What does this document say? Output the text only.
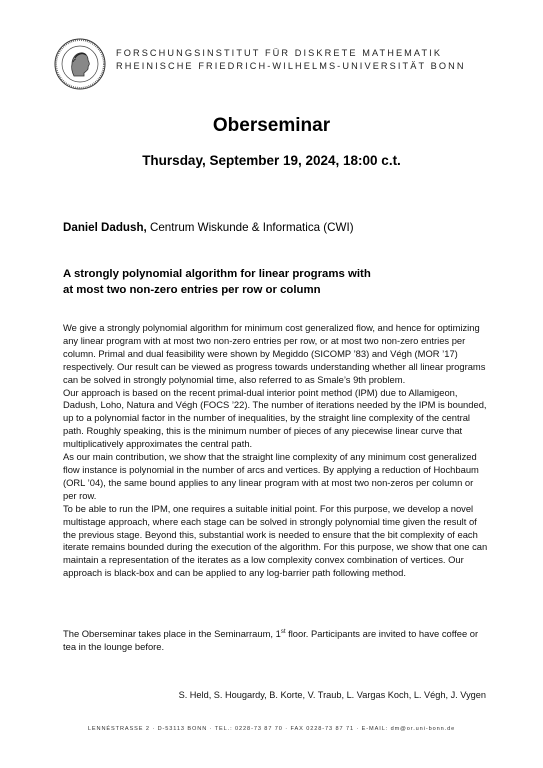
FORSCHUNGSINSTITUT FÜR DISKRETE MATHEMATIK
RHEINISCHE FRIEDRICH-WILHELMS-UNIVERSITÄT BONN
Oberseminar
Thursday, September 19, 2024, 18:00 c.t.
Daniel Dadush, Centrum Wiskunde & Informatica (CWI)
A strongly polynomial algorithm for linear programs with
at most two non-zero entries per row or column

We give a strongly polynomial algorithm for minimum cost generalized flow, and hence for optimizing any linear program with at most two non-zero entries per row, or at most two non-zero entries per column. Primal and dual feasibility were shown by Megiddo (SICOMP ’83) and Végh (MOR ’17) respectively. Our result can be viewed as progress towards understanding whether all linear programs can be solved in strongly polynomial time, also referred to as Smale’s 9th problem.

Our approach is based on the recent primal-dual interior point method (IPM) due to Allamigeon, Dadush, Loho, Natura and Végh (FOCS ’22). The number of iterations needed by the IPM is bounded, up to a polynomial factor in the number of inequalities, by the straight line complexity of the central path. Roughly speaking, this is the minimum number of pieces of any piecewise linear curve that multiplicatively approximates the central path.

As our main contribution, we show that the straight line complexity of any minimum cost generalized flow instance is polynomial in the number of arcs and vertices. By applying a reduction of Hochbaum (ORL ’04), the same bound applies to any linear program with at most two non-zeros per column or per row.

To be able to run the IPM, one requires a suitable initial point. For this purpose, we develop a novel multistage approach, where each stage can be solved in strongly polynomial time given the result of the previous stage. Beyond this, substantial work is needed to ensure that the bit complexity of each iterate remains bounded during the execution of the algorithm. For this purpose, we show that one can maintain a representation of the iterates as a low complexity convex combination of vertices. Our approach is black-box and can be applied to any log-barrier path following method.

The Oberseminar takes place in the Seminarraum, 1st floor. Participants are invited to have coffee or tea in the lounge before.
S. Held, S. Hougardy, B. Korte, V. Traub, L. Vargas Koch, L. Végh, J. Vygen
LENNÉSTRASSE 2 · D-53113 BONN · TEL.: 0228-73 87 70 · FAX 0228-73 87 71 · E-MAIL: dm@or.uni-bonn.de
